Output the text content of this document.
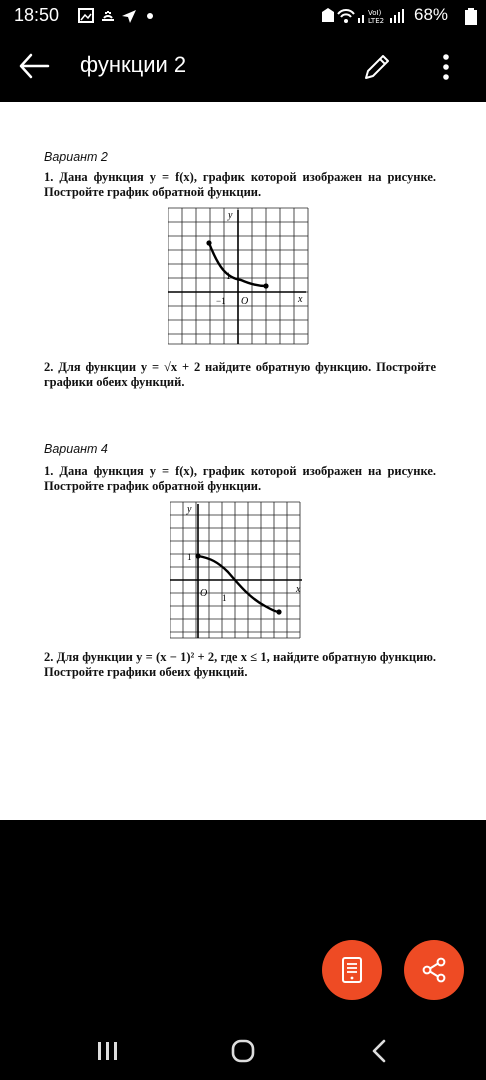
18:50	VoI)
LTE2 68%
функции 2
Вариант 2
1. Дана функция y = f(x), график которой изображен на рисунке. Постройте график обратной функции.
y
x
1
−1 O
2. Для функции y = √x + 2 найдите обратную функцию. Постройте графики обеих функций.
Вариант 4
1. Дана функция y = f(x), график которой изображен на рисунке. Постройте график обратной функции.
y
x
1
1
O
2. Для функции y = (x − 1)² + 2, где x ≤ 1, найдите обратную функцию. Постройте графики обеих функций.
